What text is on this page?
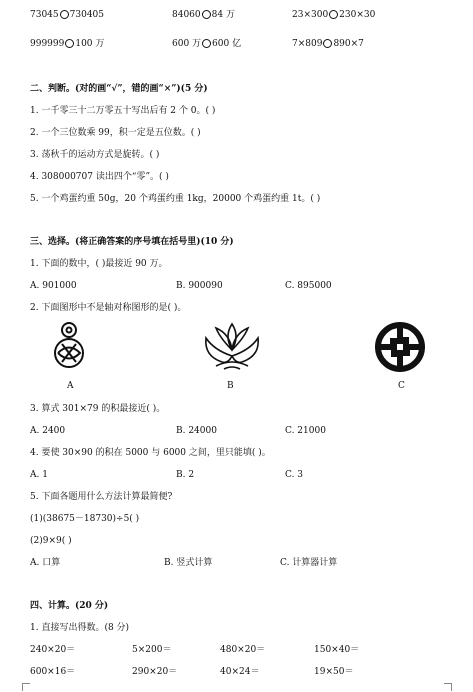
73045 730405	84060 84 万	23×300 230×30
999999 100 万	600 万 600 亿	7×809 890×7
二、判断。(对的画“√”，错的画“×”)(5 分)
1. 一千零三十二万零五十写出后有 2 个 0。( )
2. 一个三位数乘 99，积一定是五位数。( )
3. 荡秋千的运动方式是旋转。( )
4. 308000707 读出四个“零”。( )
5. 一个鸡蛋约重 50g，20 个鸡蛋约重 1kg，20000 个鸡蛋约重 1t。( )
三、选择。(将正确答案的序号填在括号里)(10 分)
1. 下面的数中，( )最接近 90 万。
A. 901000	B. 900090	C. 895000
2. 下面图形中不是轴对称图形的是( )。
A	B	C
3. 算式 301×79 的积最接近( )。
A. 2400	B. 24000	C. 21000
4. 要使 30×90 的积在 5000 与 6000 之间，里只能填( )。
A. 1	B. 2	C. 3
5. 下面各题用什么方法计算最简便?
(1)(38675－18730)÷5( )
(2)9×9( )
A. 口算	B. 竖式计算	C. 计算器计算
四、计算。(20 分)
1. 直接写出得数。(8 分)
240×20＝	5×200＝	480×20＝	150×40＝
600×16＝	290×20＝	40×24＝	19×50＝
